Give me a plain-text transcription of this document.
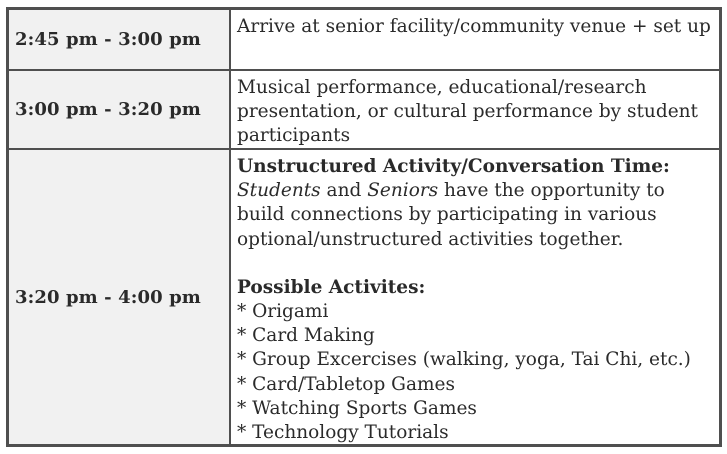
2:45 pm - 3:00 pm

Arrive at senior facility/community venue + set up

3:00 pm - 3:20 pm

Musical performance, educational/research presentation, or cultural performance by student participants

3:20 pm - 4:00 pm

Unstructured Activity/Conversation Time:

Students and Seniors have the opportunity to build connections by participating in various optional/unstructured activities together.

Possible Activites:

* Origami
* Card Making
* Group Excercises (walking, yoga, Tai Chi, etc.)
* Card/Tabletop Games
* Watching Sports Games
* Technology Tutorials
